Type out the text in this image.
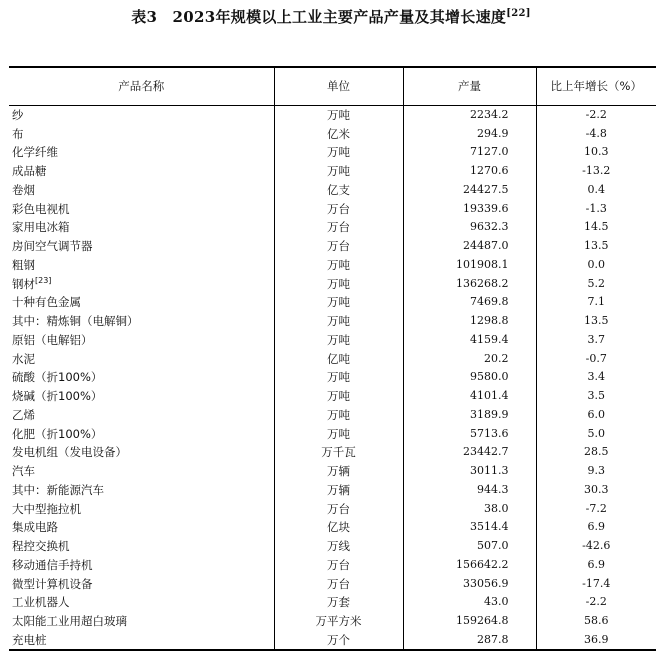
表3　2023年规模以上工业主要产品产量及其增长速度[22]
产品名称	单位	产量	比上年增长（%）
纱	万吨	2234.2	-2.2
布	亿米	294.9	-4.8
化学纤维	万吨	7127.0	10.3
成品糖	万吨	1270.6	-13.2
卷烟	亿支	24427.5	0.4
彩色电视机	万台	19339.6	-1.3
家用电冰箱	万台	9632.3	14.5
房间空气调节器	万台	24487.0	13.5
粗钢	万吨	101908.1	0.0
钢材[23]	万吨	136268.2	5.2
十种有色金属	万吨	7469.8	7.1
其中：精炼铜（电解铜）	万吨	1298.8	13.5
原铝（电解铝）	万吨	4159.4	3.7
水泥	亿吨	20.2	-0.7
硫酸（折100%）	万吨	9580.0	3.4
烧碱（折100%）	万吨	4101.4	3.5
乙烯	万吨	3189.9	6.0
化肥（折100%）	万吨	5713.6	5.0
发电机组（发电设备）	万千瓦	23442.7	28.5
汽车	万辆	3011.3	9.3
其中：新能源汽车	万辆	944.3	30.3
大中型拖拉机	万台	38.0	-7.2
集成电路	亿块	3514.4	6.9
程控交换机	万线	507.0	-42.6
移动通信手持机	万台	156642.2	6.9
微型计算机设备	万台	33056.9	-17.4
工业机器人	万套	43.0	-2.2
太阳能工业用超白玻璃	万平方米	159264.8	58.6
充电桩	万个	287.8	36.9
